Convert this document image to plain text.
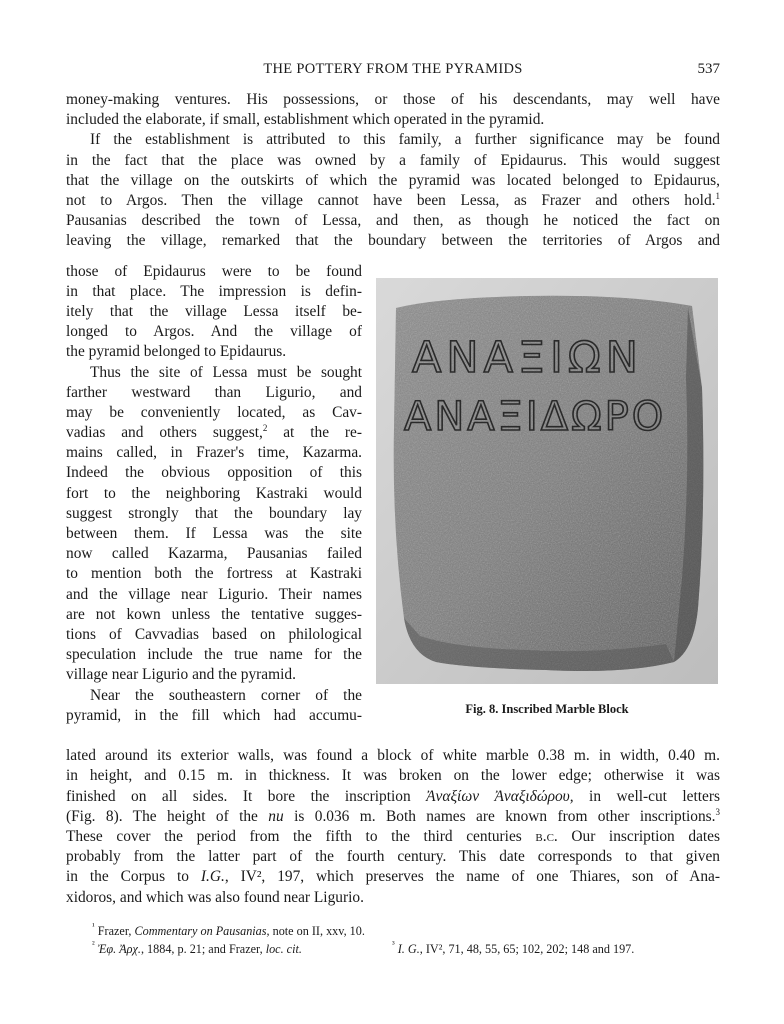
THE POTTERY FROM THE PYRAMIDS	537
money-making ventures. His possessions, or those of his descendants, may well have
included the elaborate, if small, establishment which operated in the pyramid.
If the establishment is attributed to this family, a further significance may be found
in the fact that the place was owned by a family of Epidaurus. This would suggest
that the village on the outskirts of which the pyramid was located belonged to Epidaurus,
not to Argos. Then the village cannot have been Lessa, as Frazer and others hold.$^1$
Pausanias described the town of Lessa, and then, as though he noticed the fact on
leaving the village, remarked that the boundary between the territories of Argos and
those of Epidaurus were to be found
in that place. The impression is defin-
itely that the village Lessa itself be-
longed to Argos. And the village of
the pyramid belonged to Epidaurus.
Thus the site of Lessa must be sought
farther westward than Ligurio, and
may be conveniently located, as Cav-
vadias and others suggest,$^2$ at the re-
mains called, in Frazer's time, Kazarma.
Indeed the obvious opposition of this
fort to the neighboring Kastraki would
suggest strongly that the boundary lay
between them. If Lessa was the site
now called Kazarma, Pausanias failed
to mention both the fortress at Kastraki
and the village near Ligurio. Their names
are not kown unless the tentative sugges-
tions of Cavvadias based on philological
speculation include the true name for the
village near Ligurio and the pyramid.
Near the southeastern corner of the
pyramid, in the fill which had accumu-
ΑΝΑΞΙΩΝ
ΑΝΑΞΙΔΩΡΟ
Fig. 8. Inscribed Marble Block
lated around its exterior walls, was found a block of white marble 0.38 m. in width, 0.40 m.
in height, and 0.15 m. in thickness. It was broken on the lower edge; otherwise it was
finished on all sides. It bore the inscription Ἀναξίων Ἀναξιδώρου, in well-cut letters
(Fig. 8). The height of the nu is 0.036 m. Both names are known from other inscriptions.$^3$
These cover the period from the fifth to the third centuries b.c. Our inscription dates
probably from the latter part of the fourth century. This date corresponds to that given
in the Corpus to I.G., IV², 197, which preserves the name of one Thiares, son of Ana-
xidoros, and which was also found near Ligurio.
$^{^1}$ Frazer, Commentary on Pausanias, note on II, xxv, 10.
$^{^2}$ Ἐφ. Ἀρχ., 1884, p. 21; and Frazer, loc. cit.	$^{^3}$ I. G., IV², 71, 48, 55, 65; 102, 202; 148 and 197.
